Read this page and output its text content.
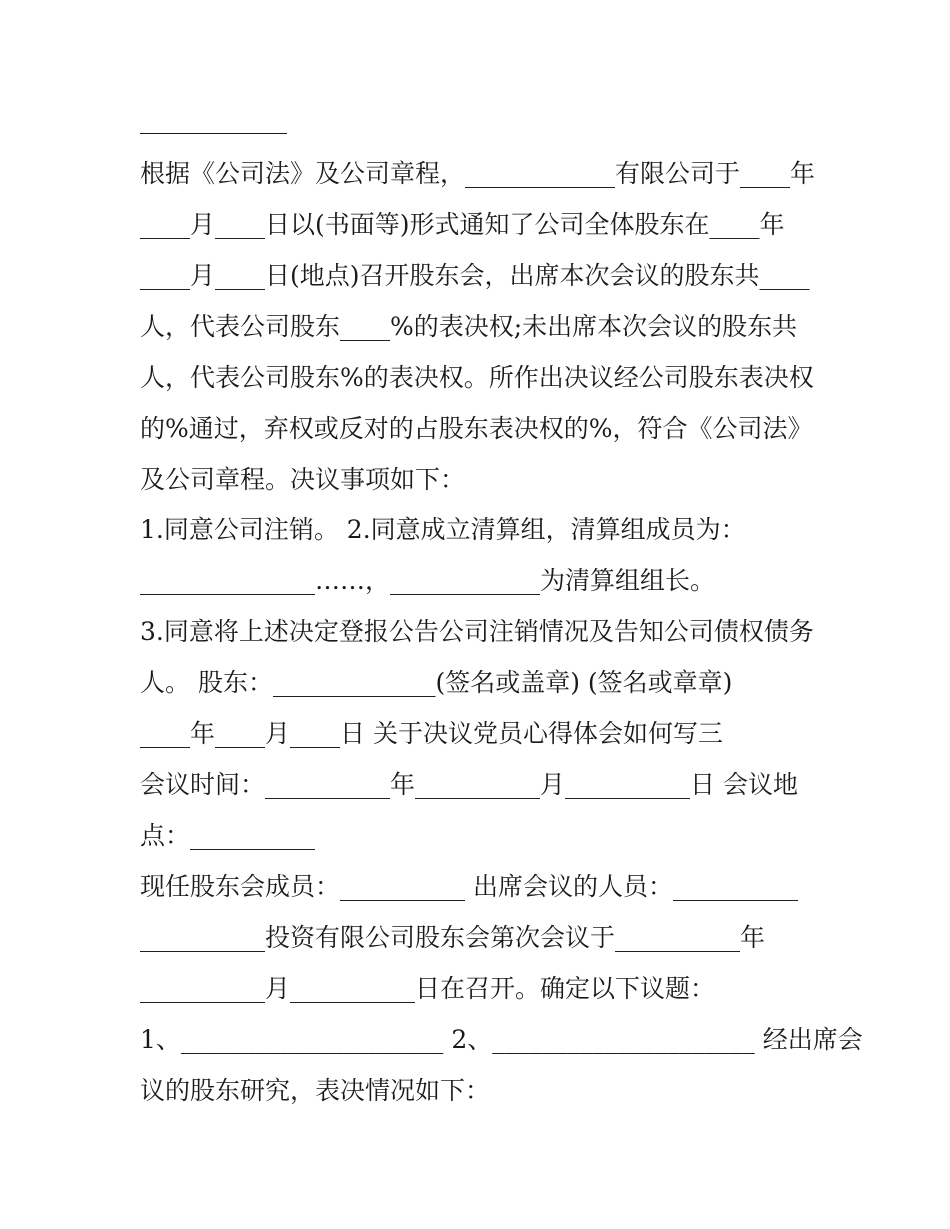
根据《公司法》及公司章程，____________有限公司于____年

____月____日以(书面等)形式通知了公司全体股东在____年

____月____日(地点)召开股东会，出席本次会议的股东共____

人，代表公司股东____%的表决权;未出席本次会议的股东共

人，代表公司股东%的表决权。所作出决议经公司股东表决权

的%通过，弃权或反对的占股东表决权的%，符合《公司法》

及公司章程。决议事项如下：

1.同意公司注销。 2.同意成立清算组，清算组成员为：

______________……，____________为清算组组长。

3.同意将上述决定登报公告公司注销情况及告知公司债权债务

人。 股东：_____________(签名或盖章) (签名或章章)

____年____月____日 关于决议党员心得体会如何写三

会议时间：__________年__________月__________日 会议地

点：__________

现任股东会成员：__________ 出席会议的人员：__________

__________投资有限公司股东会第次会议于__________年

__________月__________日在召开。确定以下议题：

1、_____________________ 2、_____________________ 经出席会

议的股东研究，表决情况如下：
